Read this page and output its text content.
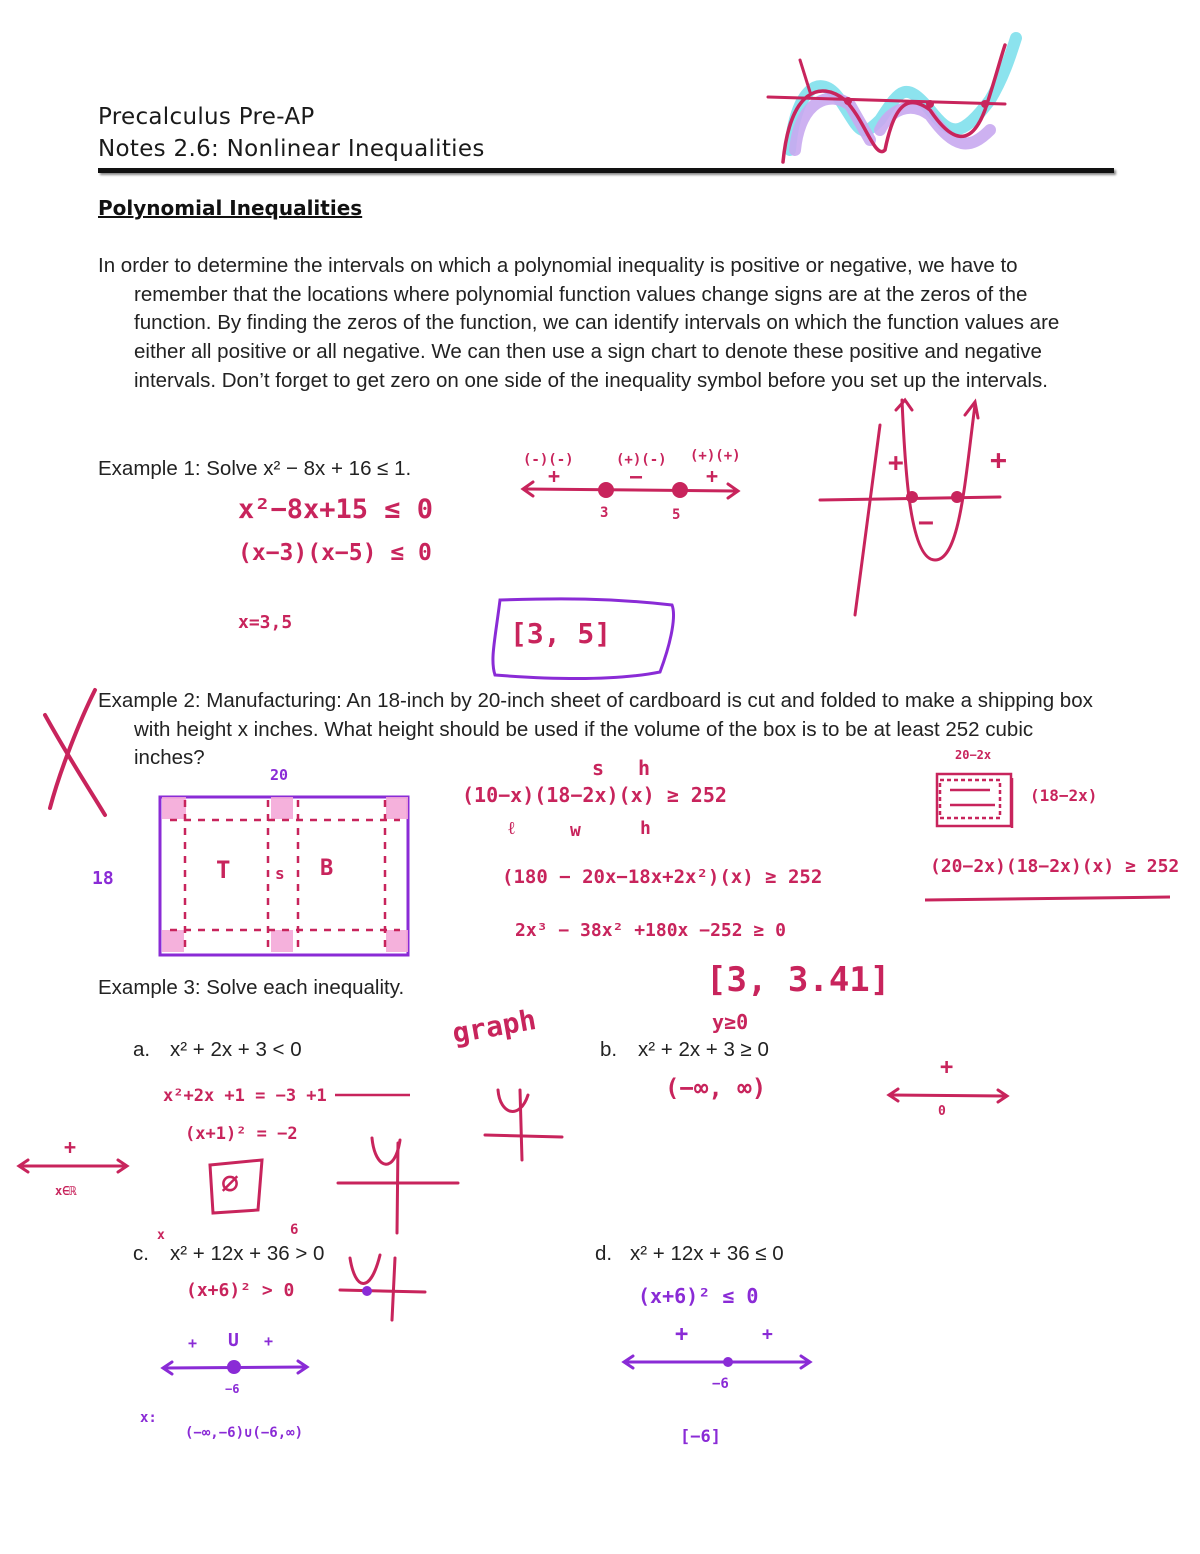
Precalculus Pre-AP
Notes 2.6: Nonlinear Inequalities
Polynomial Inequalities

In order to determine the intervals on which a polynomial inequality is positive or negative, we have to remember that the locations where polynomial function values change signs are at the zeros of the function. By finding the zeros of the function, we can identify intervals on which the function values are either all positive or all negative. We can then use a sign chart to denote these positive and negative intervals. Don’t forget to get zero on one side of the inequality symbol before you set up the intervals.

Example 1: Solve x² − 8x + 16 ≤ 1.
x²−8x+15 ≤ 0
(x−3)(x−5) ≤ 0
x=3,5	[3, 5]
(-)(-)	(+)(-) (+)(+)
+	—	+
3	5
+
−
+

Example 2: Manufacturing: An 18-inch by 20-inch sheet of cardboard is cut and folded to make a shipping box with height x inches. What height should be used if the volume of the box is to be at least 252 cubic inches?

(10−x)(18−2x)(x) ≥ 252
ℓ	w	h
s h
(180 − 20x−18x+2x²)(x) ≥ 252
2x³ − 38x² +180x −252 ≥ 0
(20−2x)(18−2x)(x) ≥ 252
(18−2x)
20−2x
20
18	T	B
s
[3, 3.41]
Example 3: Solve each inequality.
graph
a. x² + 2x + 3 < 0
x²+2x +1 = −3 +1
(x+1)² = −2
∅
+
x∈ℝ
b. x² + 2x + 3 ≥ 0
y≥0
(−∞, ∞)
+
0
c. x² + 12x + 36 > 0
x	6
(x+6)² > 0
+ U +
−6
x:
(−∞,−6)∪(−6,∞)
d. x² + 12x + 36 ≤ 0
(x+6)² ≤ 0
+	+
−6
[−6]
